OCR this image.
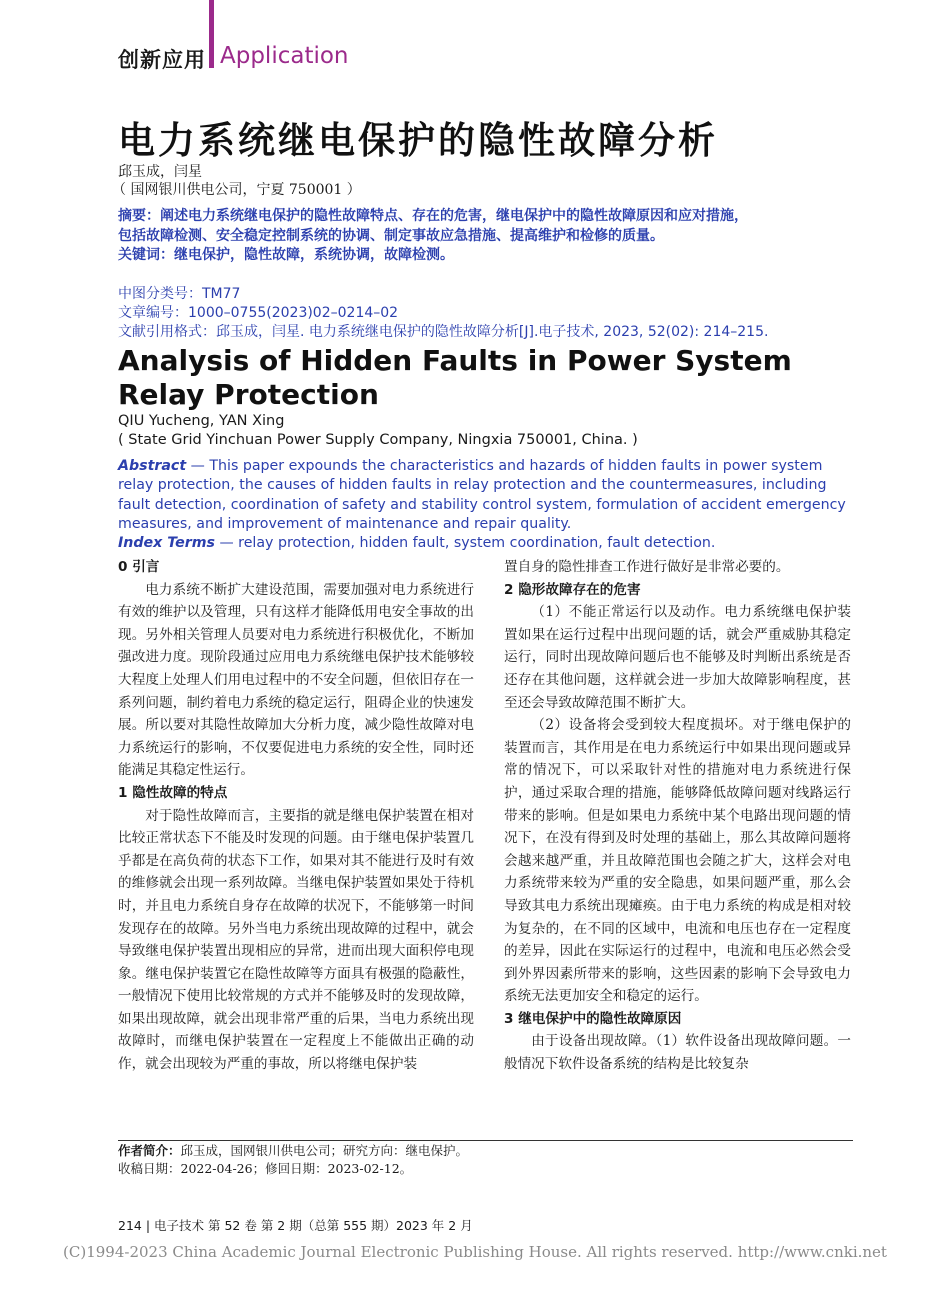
创新应用 Application
电力系统继电保护的隐性故障分析
邱玉成，闫星
（ 国网银川供电公司，宁夏 750001 ）
摘要：阐述电力系统继电保护的隐性故障特点、存在的危害，继电保护中的隐性故障原因和应对措施，
包括故障检测、安全稳定控制系统的协调、制定事故应急措施、提高维护和检修的质量。
关键词：继电保护，隐性故障，系统协调，故障检测。
中图分类号：TM77
文章编号：1000–0755(2023)02–0214–02
文献引用格式：邱玉成，闫星. 电力系统继电保护的隐性故障分析[J].电子技术, 2023, 52(02): 214–215.
Analysis of Hidden Faults in Power System Relay Protection
QIU Yucheng, YAN Xing
( State Grid Yinchuan Power Supply Company, Ningxia 750001, China. )
Abstract — This paper expounds the characteristics and hazards of hidden faults in power system relay protection, the causes of hidden faults in relay protection and the countermeasures, including fault detection, coordination of safety and stability control system, formulation of accident emergency measures, and improvement of maintenance and repair quality.
Index Terms — relay protection, hidden fault, system coordination, fault detection.
0 引言

电力系统不断扩大建设范围，需要加强对电力系统进行有效的维护以及管理，只有这样才能降低用电安全事故的出现。另外相关管理人员要对电力系统进行积极优化，不断加强改进力度。现阶段通过应用电力系统继电保护技术能够较大程度上处理人们用电过程中的不安全问题，但依旧存在一系列问题，制约着电力系统的稳定运行，阻碍企业的快速发展。所以要对其隐性故障加大分析力度，减少隐性故障对电力系统运行的影响，不仅要促进电力系统的安全性，同时还能满足其稳定性运行。

1 隐性故障的特点

对于隐性故障而言，主要指的就是继电保护装置在相对比较正常状态下不能及时发现的问题。由于继电保护装置几乎都是在高负荷的状态下工作，如果对其不能进行及时有效的维修就会出现一系列故障。当继电保护装置如果处于待机时，并且电力系统自身存在故障的状况下，不能够第一时间发现存在的故障。另外当电力系统出现故障的过程中，就会导致继电保护装置出现相应的异常，进而出现大面积停电现象。继电保护装置它在隐性故障等方面具有极强的隐蔽性，一般情况下使用比较常规的方式并不能够及时的发现故障，如果出现故障，就会出现非常严重的后果，当电力系统出现故障时，而继电保护装置在一定程度上不能做出正确的动作，就会出现较为严重的事故，所以将继电保护装

置自身的隐性排查工作进行做好是非常必要的。

2 隐形故障存在的危害

（1）不能正常运行以及动作。电力系统继电保护装置如果在运行过程中出现问题的话，就会严重威胁其稳定运行，同时出现故障问题后也不能够及时判断出系统是否还存在其他问题，这样就会进一步加大故障影响程度，甚至还会导致故障范围不断扩大。

（2）设备将会受到较大程度损坏。对于继电保护的装置而言，其作用是在电力系统运行中如果出现问题或异常的情况下，可以采取针对性的措施对电力系统进行保护，通过采取合理的措施，能够降低故障问题对线路运行带来的影响。但是如果电力系统中某个电路出现问题的情况下，在没有得到及时处理的基础上，那么其故障问题将会越来越严重，并且故障范围也会随之扩大，这样会对电力系统带来较为严重的安全隐患，如果问题严重，那么会导致其电力系统出现瘫痪。由于电力系统的构成是相对较为复杂的，在不同的区域中，电流和电压也存在一定程度的差异，因此在实际运行的过程中，电流和电压必然会受到外界因素所带来的影响，这些因素的影响下会导致电力系统无法更加安全和稳定的运行。

3 继电保护中的隐性故障原因

由于设备出现故障。（1）软件设备出现故障问题。一般情况下软件设备系统的结构是比较复杂

作者简介：邱玉成，国网银川供电公司；研究方向：继电保护。
收稿日期：2022-04-26；修回日期：2023-02-12。
214 | 电子技术 第 52 卷 第 2 期（总第 555 期）2023 年 2 月
(C)1994-2023 China Academic Journal Electronic Publishing House. All rights reserved. http://www.cnki.net
